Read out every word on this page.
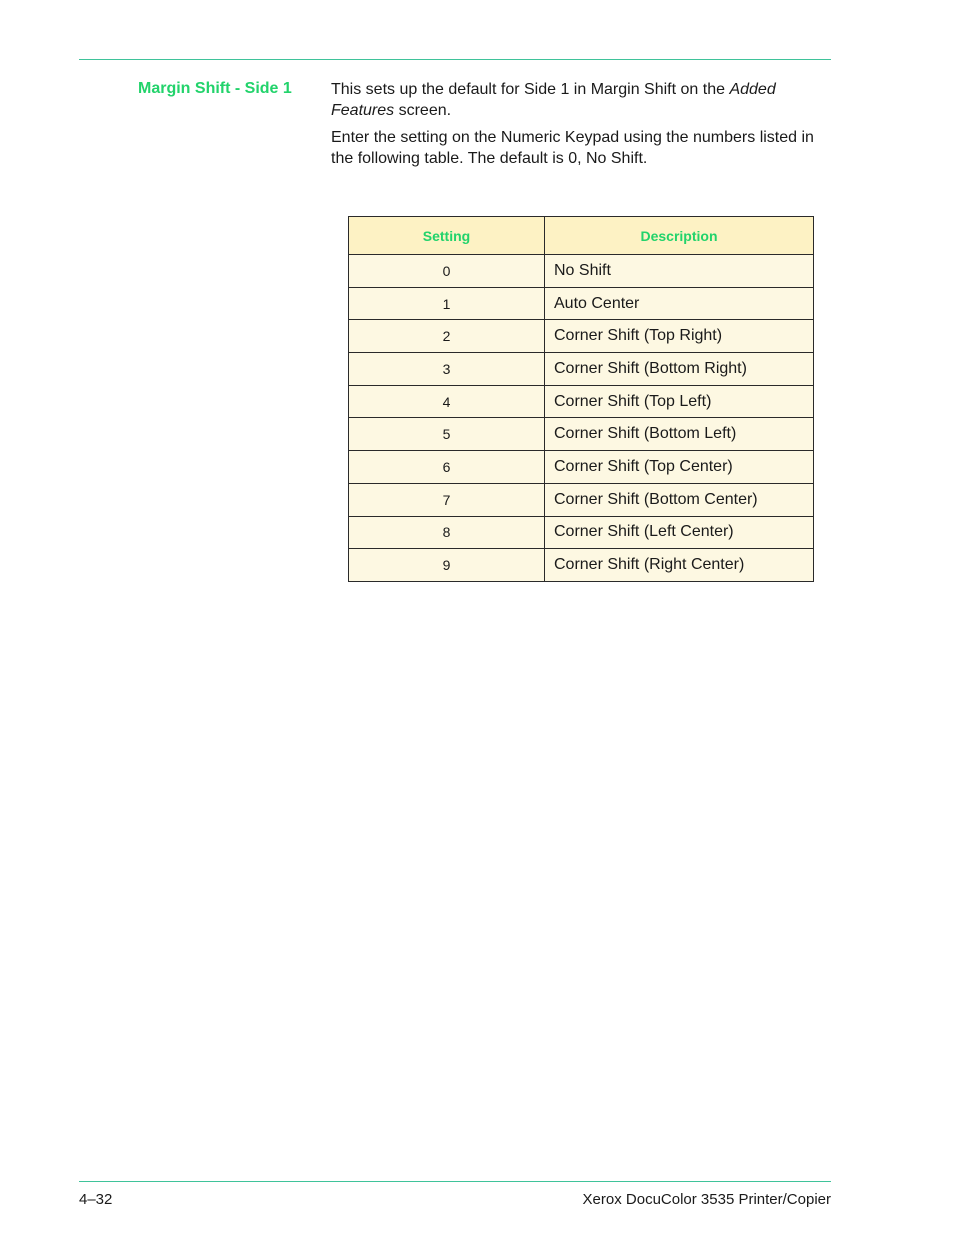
Margin Shift - Side 1 This sets up the default for Side 1 in Margin Shift on the Added Features screen.
Enter the setting on the Numeric Keypad using the numbers listed in the following table. The default is 0, No Shift.
Setting	Description
0	No Shift
1	Auto Center
2	Corner Shift (Top Right)
3	Corner Shift (Bottom Right)
4	Corner Shift (Top Left)
5	Corner Shift (Bottom Left)
6	Corner Shift (Top Center)
7	Corner Shift (Bottom Center)
8	Corner Shift (Left Center)
9	Corner Shift (Right Center)
4–32	Xerox DocuColor 3535 Printer/Copier
